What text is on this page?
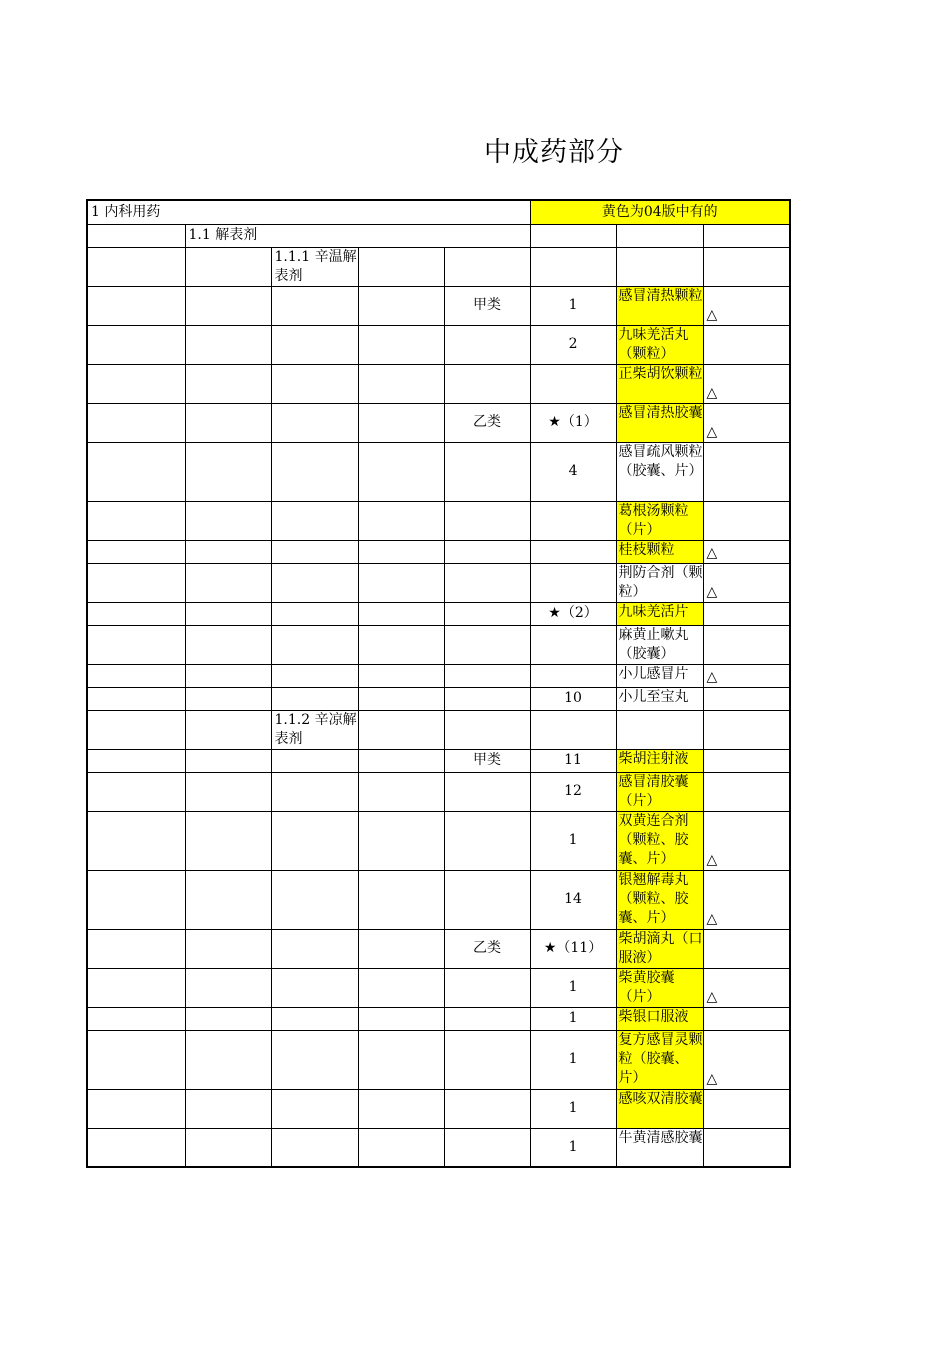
中成药部分
1 内科用药					黄色为04版中有的		
	1.1 解表剂						
		1.1.1 辛温解表剂					
				甲类	1	感冒清热颗粒	△
					2	九味羌活丸（颗粒）	
						正柴胡饮颗粒	△
				乙类	★（1）	感冒清热胶囊	△
					4	感冒疏风颗粒（胶囊、片）	
						葛根汤颗粒（片）	
						桂枝颗粒	△
						荆防合剂（颗粒）	△
					★（2）	九味羌活片	
						麻黄止嗽丸（胶囊）	
						小儿感冒片	△
					10	小儿至宝丸	
		1.1.2 辛凉解表剂					
				甲类	11	柴胡注射液	
					12	感冒清胶囊（片）	
					1	双黄连合剂（颗粒、胶囊、片）	△
					14	银翘解毒丸（颗粒、胶囊、片）	△
				乙类	★（11）	柴胡滴丸（口服液）	
					1	柴黄胶囊（片）	△
					1	柴银口服液	
					1	复方感冒灵颗粒（胶囊、片）	△
					1	感咳双清胶囊	
					1	牛黄清感胶囊	
